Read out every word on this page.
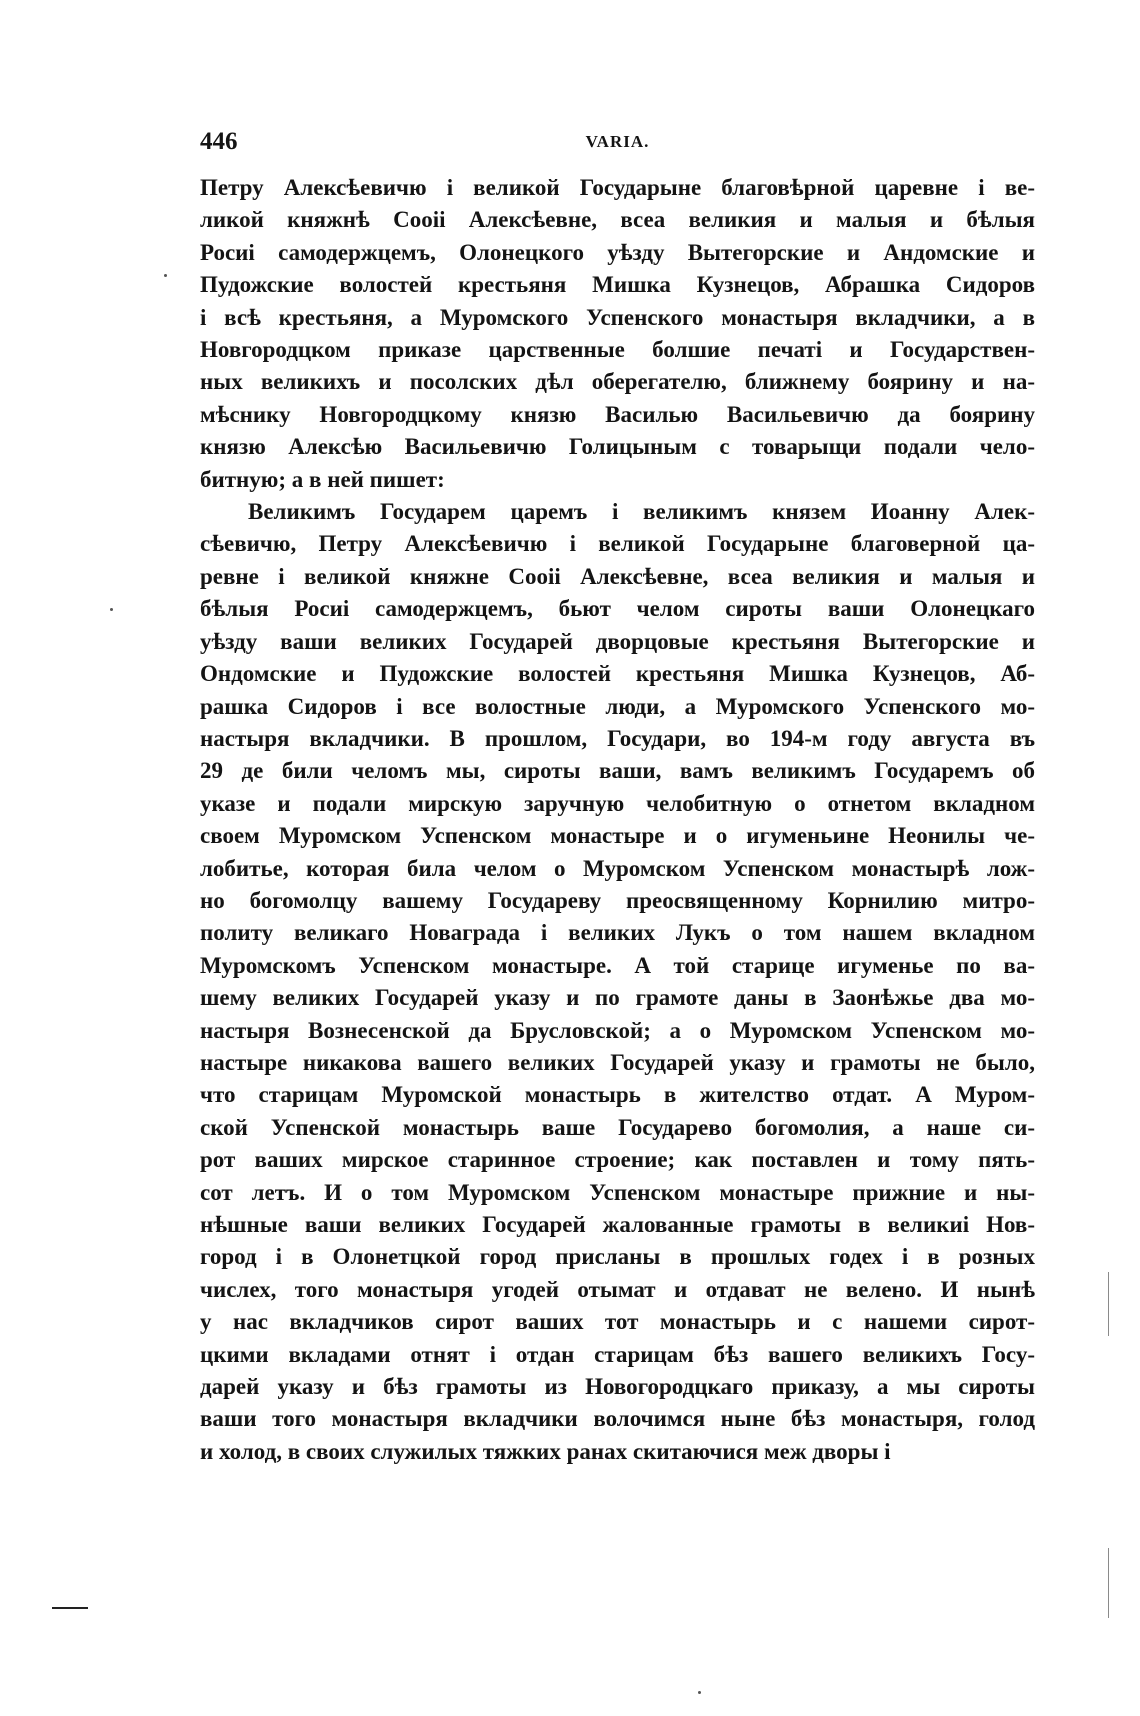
446	VARIA.
Петру Алексѣевичю і великой Государыне благовѣрной царевне і ве-
ликой княжнѣ Сооіі Алексѣевне, всеа великия и малыя и бѣлыя
Росиі самодержцемъ, Олонецкого уѣзду Вытегорские и Андомские и
Пудожские волостей крестьяня Мишка Кузнецов, Абрашка Сидоров
і всѣ крестьяня, а Муромского Успенского монастыря вкладчики, а в
Новгородцком приказе царственные болшие печаті и Государствен-
ных великихъ и посолских дѣл оберегателю, ближнему боярину и на-
мѣснику Новгородцкому князю Василью Васильевичю да боярину
князю Алексѣю Васильевичю Голицыным с товарыщи подали чело-
битную; а в ней пишет:
Великимъ Государем царемъ і великимъ князем Иоанну Алек-
сѣевичю, Петру Алексѣевичю і великой Государыне благоверной ца-
ревне і великой княжне Сооіі Алексѣевне, всеа великия и малыя и
бѣлыя Росиі самодержцемъ, бьют челом сироты ваши Олонецкаго
уѣзду ваши великих Государей дворцовые крестьяня Вытегорские и
Ондомские и Пудожские волостей крестьяня Мишка Кузнецов, Аб-
рашка Сидоров і все волостные люди, а Муромского Успенского мо-
настыря вкладчики. В прошлом, Государи, во 194-м году августа въ
29 де били челомъ мы, сироты ваши, вамъ великимъ Государемъ об
указе и подали мирскую заручную челобитную о отнетом вкладном
своем Муромском Успенском монастыре и о игуменьине Неонилы че-
лобитье, которая била челом о Муромском Успенском монастырѣ лож-
но богомолцу вашему Государеву преосвященному Корнилию митро-
политу великаго Новаграда і великих Лукъ о том нашем вкладном
Муромскомъ Успенском монастыре. А той старице игуменье по ва-
шему великих Государей указу и по грамоте даны в Заонѣжье два мо-
настыря Вознесенской да Брусловской; а о Муромском Успенском мо-
настыре никакова вашего великих Государей указу и грамоты не было,
что старицам Муромской монастырь в жителство отдат. А Муром-
ской Успенской монастырь ваше Государево богомолия, а наше си-
рот ваших мирское старинное строение; как поставлен и тому пять-
сот летъ. И о том Муромском Успенском монастыре прижние и ны-
нѣшные ваши великих Государей жалованные грамоты в великиі Нов-
город і в Олонетцкой город присланы в прошлых годех і в розных
числех, того монастыря угодей отымат и отдават не велено. И нынѣ
у нас вкладчиков сирот ваших тот монастырь и с нашеми сирот-
цкими вкладами отнят і отдан старицам бѣз вашего великихъ Госу-
дарей указу и бѣз грамоты из Новогородцкаго приказу, а мы сироты
ваши того монастыря вкладчики волочимся ныне бѣз монастыря, голод
и холод, в своих служилых тяжких ранах скитаючися меж дворы і
